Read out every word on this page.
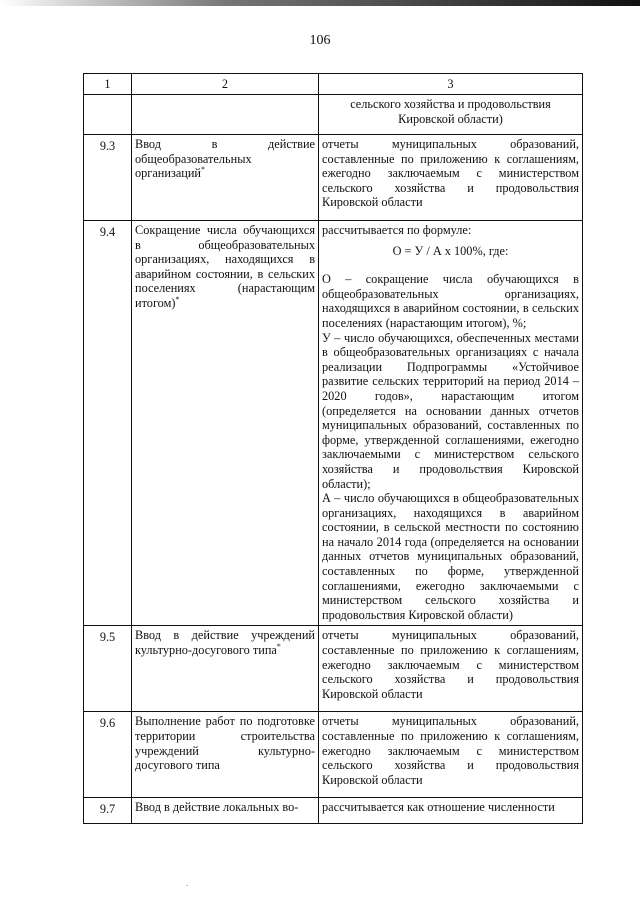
106
1	2	3
		сельского хозяйства и продовольствия Кировской области)
9.3	Ввод в действие общеобразовательных организаций*	отчеты муниципальных образований, составленные по приложению к соглашениям, ежегодно заключаемым с министерством сельского хозяйства и продовольствия Кировской области
9.4	Сокращение числа обучающихся в общеобразовательных организациях, находящихся в аварийном состоянии, в сельских поселениях (нарастающим итогом)*	рассчитывается по формуле:

О = У / А х 100%, где:

О – сокращение числа обучающихся в общеобразовательных организациях, находящихся в аварийном состоянии, в сельских поселениях (нарастающим итогом), %;

У – число обучающихся, обеспеченных местами в общеобразовательных организациях с начала реализации Подпрограммы «Устойчивое развитие сельских территорий на период 2014 – 2020 годов», нарастающим итогом (определяется на основании данных отчетов муниципальных образований, составленных по форме, утвержденной соглашениями, ежегодно заключаемыми с министерством сельского хозяйства и продовольствия Кировской области);

А – число обучающихся в общеобразовательных организациях, находящихся в аварийном состоянии, в сельской местности по состоянию на начало 2014 года (определяется на основании данных отчетов муниципальных образований, составленных по форме, утвержденной соглашениями, ежегодно заключаемыми с министерством сельского хозяйства и продовольствия Кировской области)

9.5	Ввод в действие учреждений культурно-досугового типа*	отчеты муниципальных образований, составленные по приложению к соглашениям, ежегодно заключаемым с министерством сельского хозяйства и продовольствия Кировской области
9.6	Выполнение работ по подготовке территории строительства учреждений культурно-досугового типа	отчеты муниципальных образований, составленные по приложению к соглашениям, ежегодно заключаемым с министерством сельского хозяйства и продовольствия Кировской области
9.7	Ввод в действие локальных во-	рассчитывается как отношение численности
.
